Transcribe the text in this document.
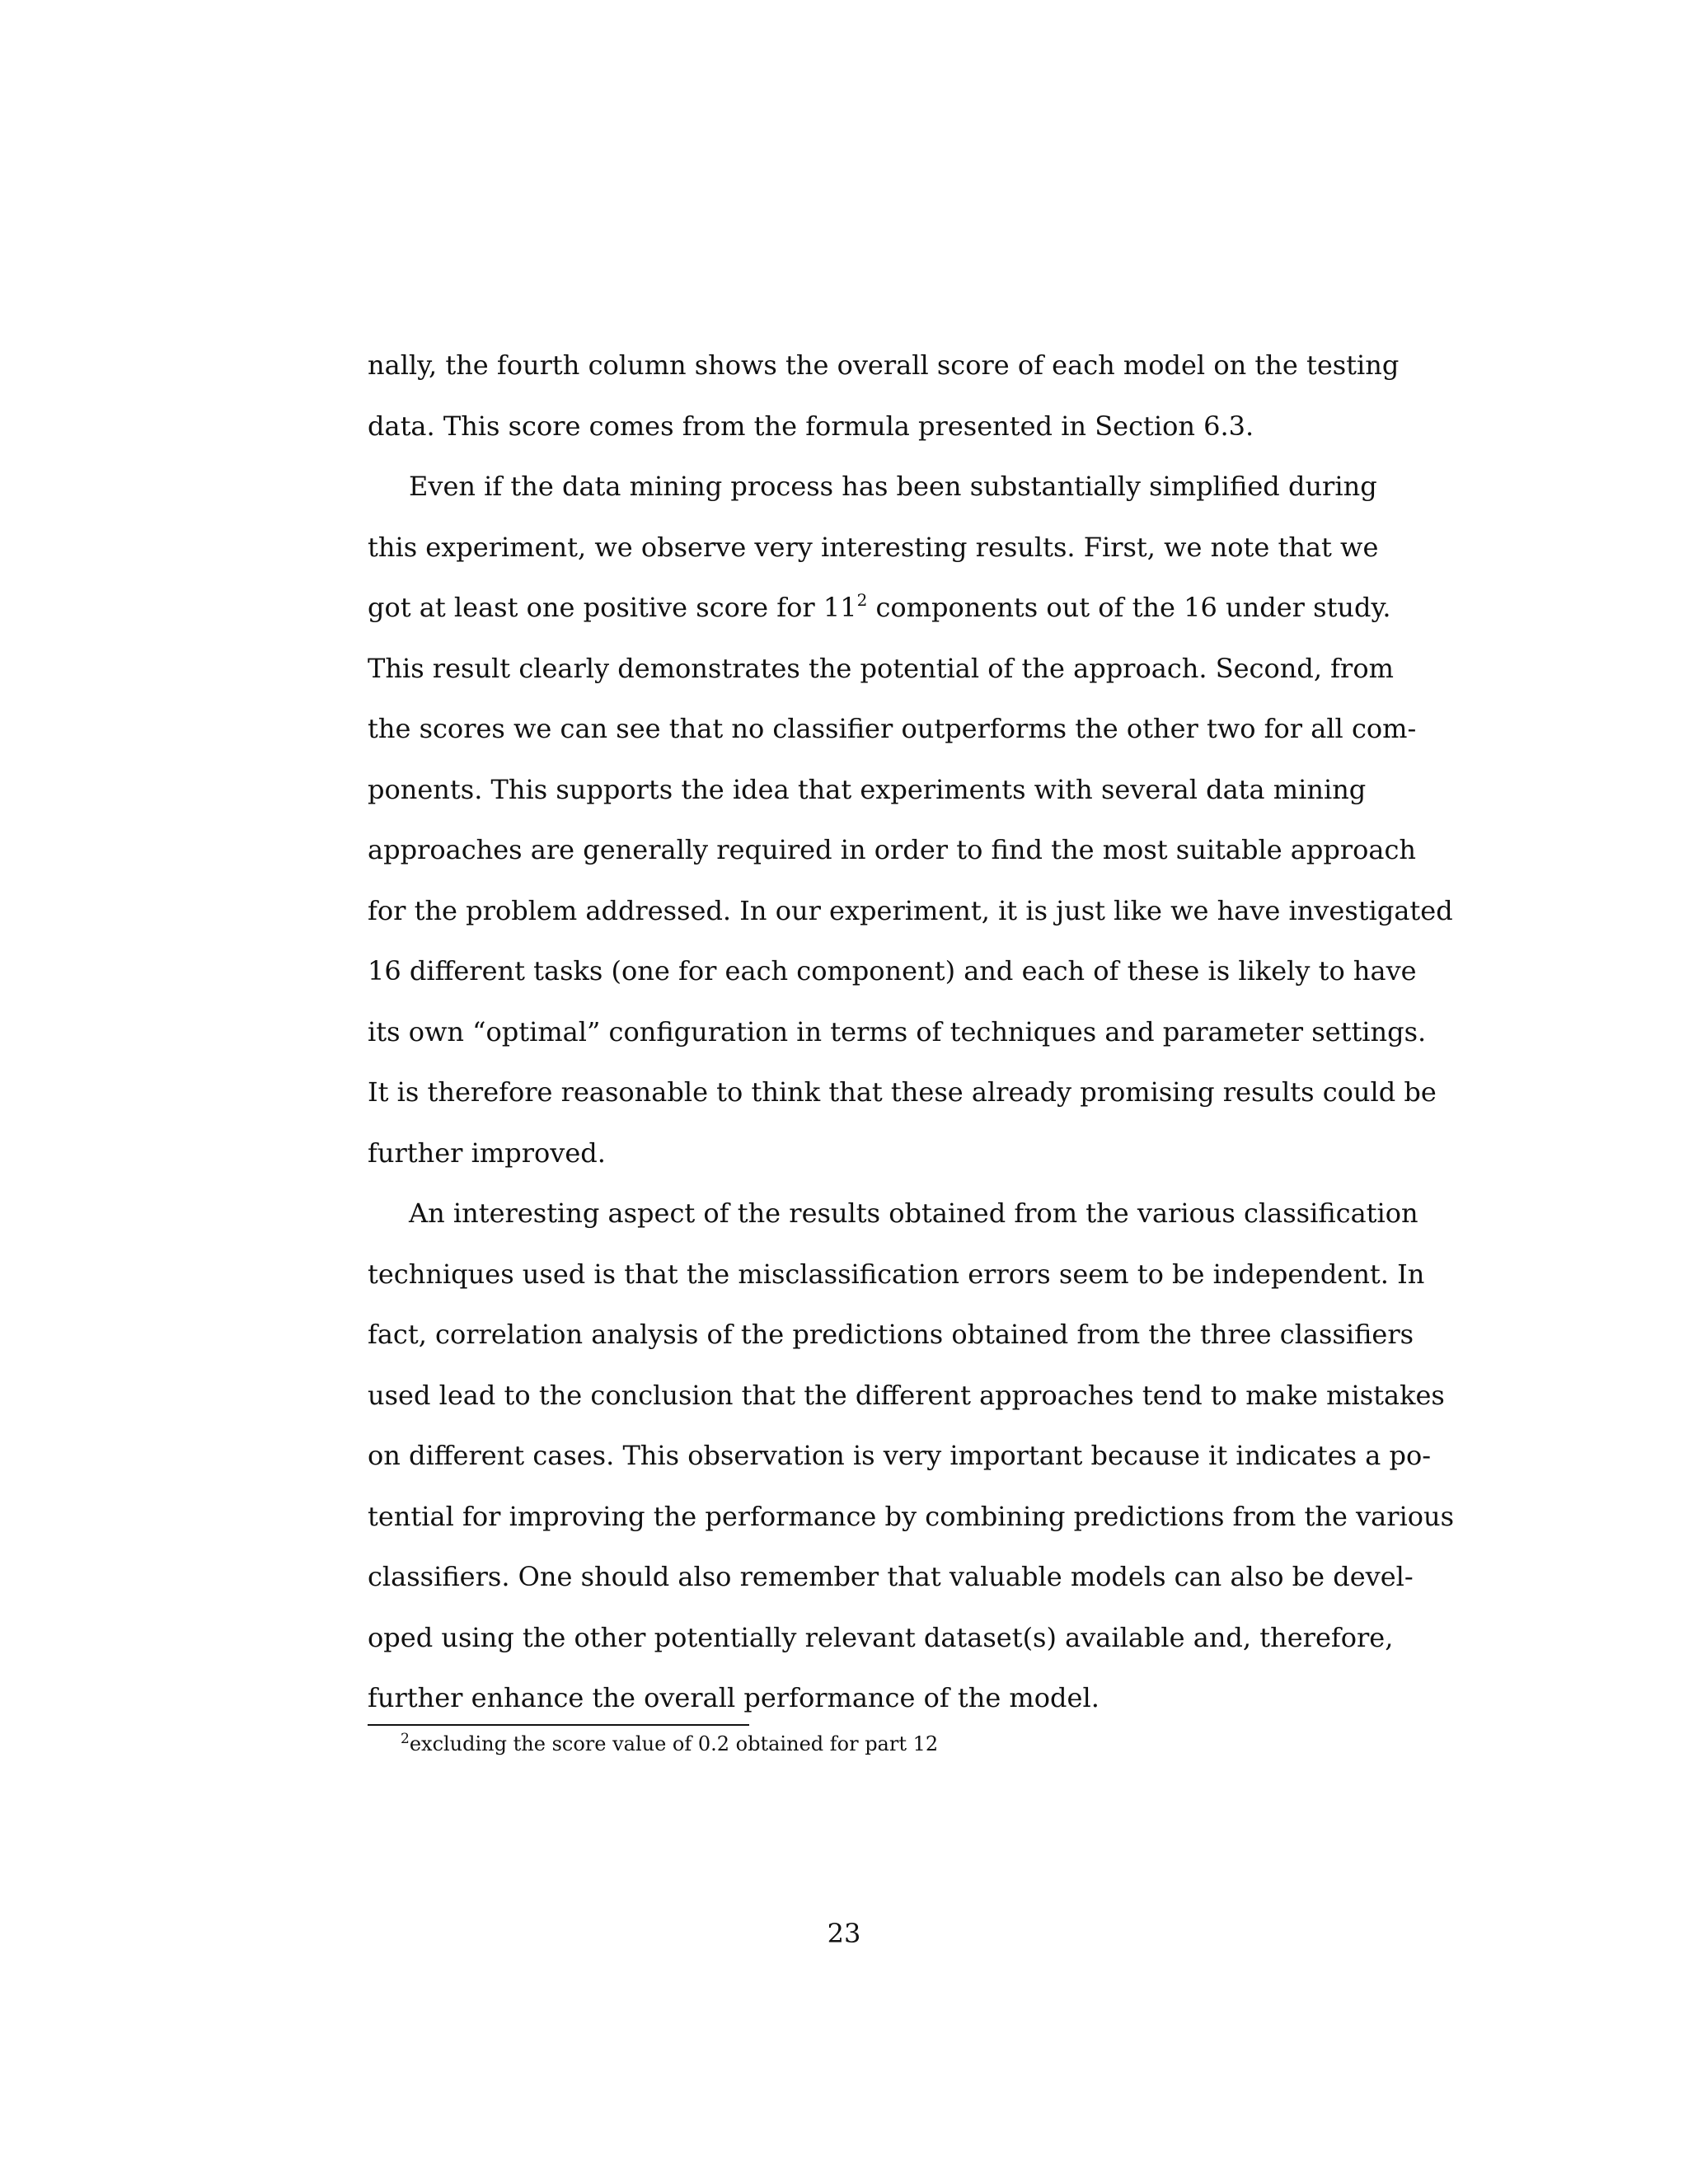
nally, the fourth column shows the overall score of each model on the testing
data. This score comes from the formula presented in Section 6.3.
Even if the data mining process has been substantially simplified during
this experiment, we observe very interesting results. First, we note that we
got at least one positive score for $11^2$ components out of the 16 under study.
This result clearly demonstrates the potential of the approach. Second, from
the scores we can see that no classifier outperforms the other two for all com-
ponents. This supports the idea that experiments with several data mining
approaches are generally required in order to find the most suitable approach
for the problem addressed. In our experiment, it is just like we have investigated
16 different tasks (one for each component) and each of these is likely to have
its own “optimal” configuration in terms of techniques and parameter settings.
It is therefore reasonable to think that these already promising results could be
further improved.
An interesting aspect of the results obtained from the various classification
techniques used is that the misclassification errors seem to be independent. In
fact, correlation analysis of the predictions obtained from the three classifiers
used lead to the conclusion that the different approaches tend to make mistakes
on different cases. This observation is very important because it indicates a po-
tential for improving the performance by combining predictions from the various
classifiers. One should also remember that valuable models can also be devel-
oped using the other potentially relevant dataset(s) available and, therefore,
further enhance the overall performance of the model.
$^2$excluding the score value of 0.2 obtained for part 12
23
